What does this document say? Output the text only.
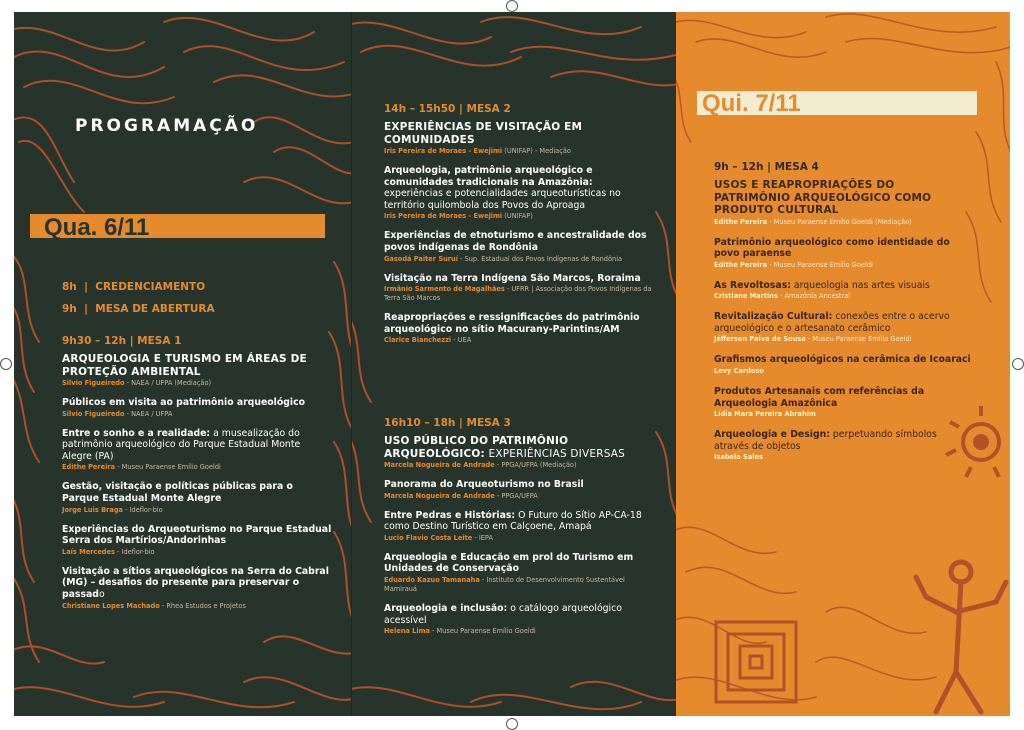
PROGRAMAÇÃO
Qua. 6/11
8h  |  CREDENCIAMENTO
9h  |  MESA DE ABERTURA
9h30 – 12h | MESA 1
ARQUEOLOGIA E TURISMO EM ÁREAS DE PROTEÇÃO AMBIENTAL
Silvio Figueiredo - NAEA / UFPA (Mediação)
Públicos em visita ao patrimônio arqueológico
Silvio Figueiredo - NAEA / UFPA
Entre o sonho e a realidade: a musealização do patrimônio arqueológico do Parque Estadual Monte Alegre (PA)
Edithe Pereira - Museu Paraense Emílio Goeldi
Gestão, visitação e políticas públicas para o Parque Estadual Monte Alegre
Jorge Luis Braga - Ideflor-bio
Experiências do Arqueoturismo no Parque Estadual Serra dos Martírios/Andorinhas
Laís Mercedes - Ideflor-bio
Visitação a sítios arqueológicos na Serra do Cabral (MG) – desafios do presente para preservar o passado
Christiane Lopes Machado - Rhea Estudos e Projetos
14h – 15h50 | MESA 2
EXPERIÊNCIAS DE VISITAÇÃO EM COMUNIDADES
Iris Pereira de Moraes - Ewejimi (UNIFAP) - Mediação
Arqueologia, patrimônio arqueológico e comunidades tradicionais na Amazônia: experiências e potencialidades arqueoturísticas no território quilombola dos Povos do Aproaga
Iris Pereira de Moraes - Ewejimi (UNIFAP)
Experiências de etnoturismo e ancestralidade dos povos indígenas de Rondônia
Gasodá Paiter Suruí - Sup. Estadual dos Povos Indígenas de Rondônia
Visitação na Terra Indígena São Marcos, Roraima
Irmânio Sarmento de Magalhães - UFRR | Associação dos Povos Indígenas da Terra São Marcos
Reapropriações e ressignificações do patrimônio arqueológico no sítio Macurany-Parintins/AM
Clarice Bianchezzi - UEA
16h10 – 18h | MESA 3
USO PÚBLICO DO PATRIMÔNIO ARQUEOLÓGICO: EXPERIÊNCIAS DIVERSAS
Marcela Nogueira de Andrade - PPGA/UFPA (Mediação)
Panorama do Arqueoturismo no Brasil
Marcela Nogueira de Andrade - PPGA/UFPA
Entre Pedras e Histórias: O Futuro do Sítio AP-CA-18 como Destino Turístico em Calçoene, Amapá
Lucio Flavio Costa Leite - IEPA
Arqueologia e Educação em prol do Turismo em Unidades de Conservação
Eduardo Kazuo Tamanaha - Instituto de Desenvolvimento Sustentável Mamirauá
Arqueologia e inclusão: o catálogo arqueológico acessível
Helena Lima - Museu Paraense Emílio Goeldi
Qui. 7/11
9h – 12h | MESA 4
USOS E REAPROPRIAÇÕES DO PATRIMÔNIO ARQUEOLÓGICO COMO PRODUTO CULTURAL
Edithe Pereira - Museu Paraense Emílio Goeldi (Mediação)
Patrimônio arqueológico como identidade do povo paraense
Edithe Pereira - Museu Paraense Emílio Goeldi
As Revoltosas: arqueologia nas artes visuais
Cristiane Martins - Amazônia Ancestral
Revitalização Cultural: conexões entre o acervo arqueológico e o artesanato cerâmico
Jéfferson Paiva de Sousa - Museu Paraense Emílio Goeldi
Grafismos arqueológicos na cerâmica de Icoaraci
Levy Cardoso
Produtos Artesanais com referências da Arqueologia Amazônica
Lídia Mara Pereira Abrahim
Arqueologia e Design: perpetuando símbolos através de objetos
Isabela Sales
